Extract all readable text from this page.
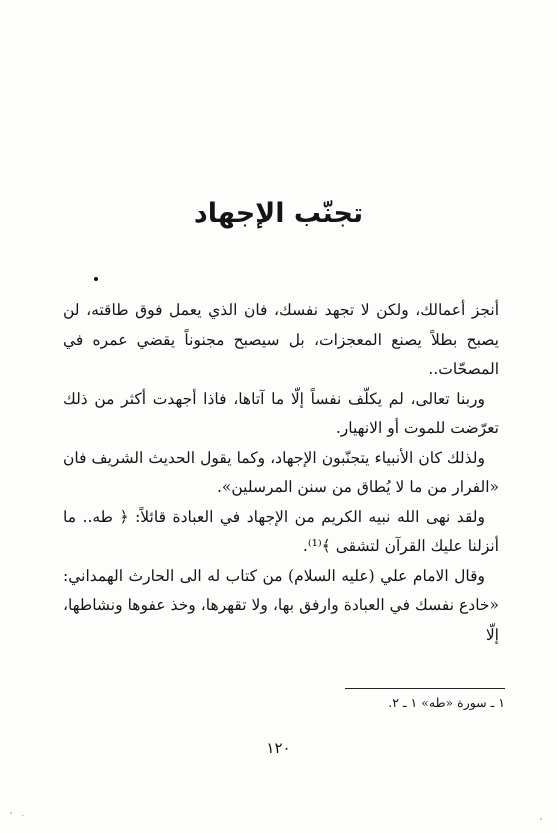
تجنّب الإجهاد

أنجز أعمالك، ولكن لا تجهد نفسك، فان الذي يعمل فوق طاقته، لن يصبح بطلاً يصنع المعجزات، بل سيصبح مجنوناً يقضي عمره في المصحّات..

وربنا تعالى، لم يكلّف نفساً إلّا ما آتاها، فاذا أجهدت أكثر من ذلك تعرّضت للموت أو الانهيار.

ولذلك كان الأنبياء يتجنّبون الإجهاد، وكما يقول الحديث الشريف فان «الفرار من ما لا يُطاق من سنن المرسلين».

ولقد نهى الله نبيه الكريم من الإجهاد في العبادة قائلاً: ﴿ طه.. ما أنزلنا عليك القرآن لتشقى ﴾⁽¹⁾.

وقال الامام علي (عليه السلام) من كتاب له الى الحارث الهمداني: «خادع نفسك في العبادة وارفق بها، ولا تقهرها، وخذ عفوها ونشاطها، إلّا

١ ـ سورة «طه» ١ ـ ٢.
١٢٠
